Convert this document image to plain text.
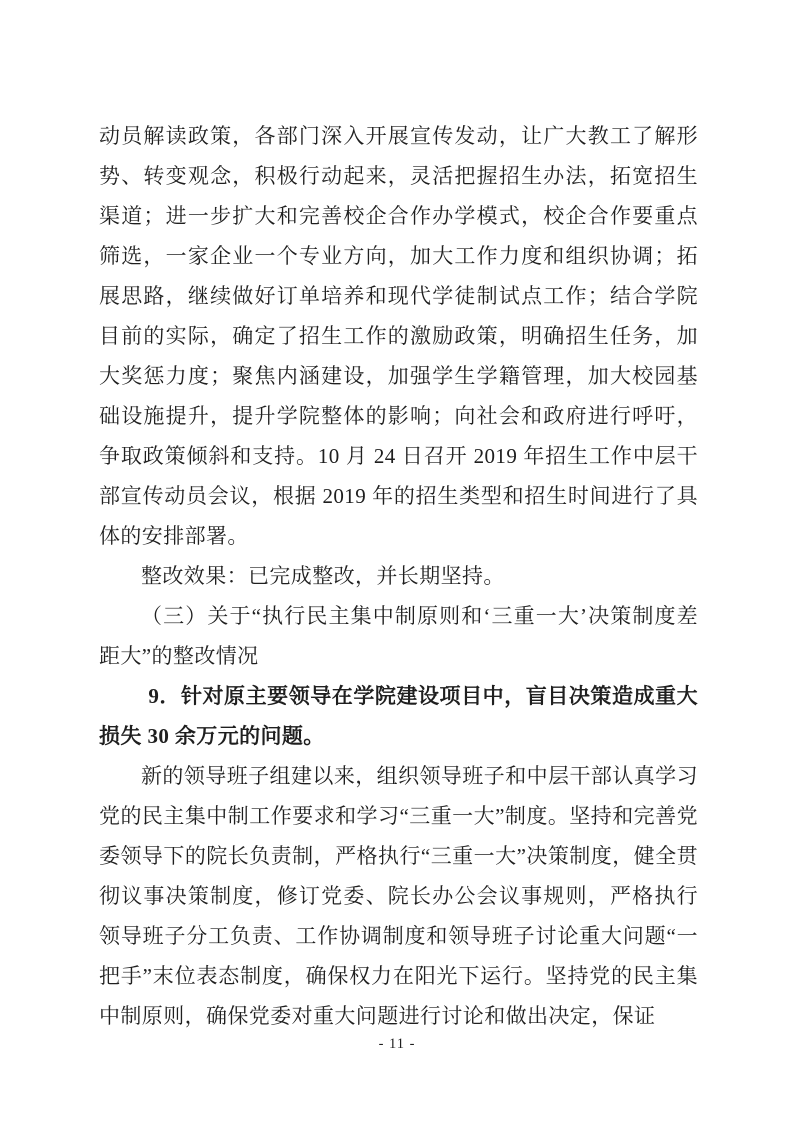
动员解读政策，各部门深入开展宣传发动，让广大教工了解形势、转变观念，积极行动起来，灵活把握招生办法，拓宽招生渠道；进一步扩大和完善校企合作办学模式，校企合作要重点筛选，一家企业一个专业方向，加大工作力度和组织协调；拓展思路，继续做好订单培养和现代学徒制试点工作；结合学院目前的实际，确定了招生工作的激励政策，明确招生任务，加大奖惩力度；聚焦内涵建设，加强学生学籍管理，加大校园基础设施提升，提升学院整体的影响；向社会和政府进行呼吁，争取政策倾斜和支持。10 月 24 日召开 2019 年招生工作中层干部宣传动员会议，根据 2019 年的招生类型和招生时间进行了具体的安排部署。

整改效果：已完成整改，并长期坚持。

（三）关于“执行民主集中制原则和‘三重一大’决策制度差距大”的整改情况

9．针对原主要领导在学院建设项目中，盲目决策造成重大损失 30 余万元的问题。

新的领导班子组建以来，组织领导班子和中层干部认真学习党的民主集中制工作要求和学习“三重一大”制度。坚持和完善党委领导下的院长负责制，严格执行“三重一大”决策制度，健全贯彻议事决策制度，修订党委、院长办公会议事规则，严格执行领导班子分工负责、工作协调制度和领导班子讨论重大问题“一把手”末位表态制度，确保权力在阳光下运行。坚持党的民主集中制原则，确保党委对重大问题进行讨论和做出决定，保证

- 11 -
